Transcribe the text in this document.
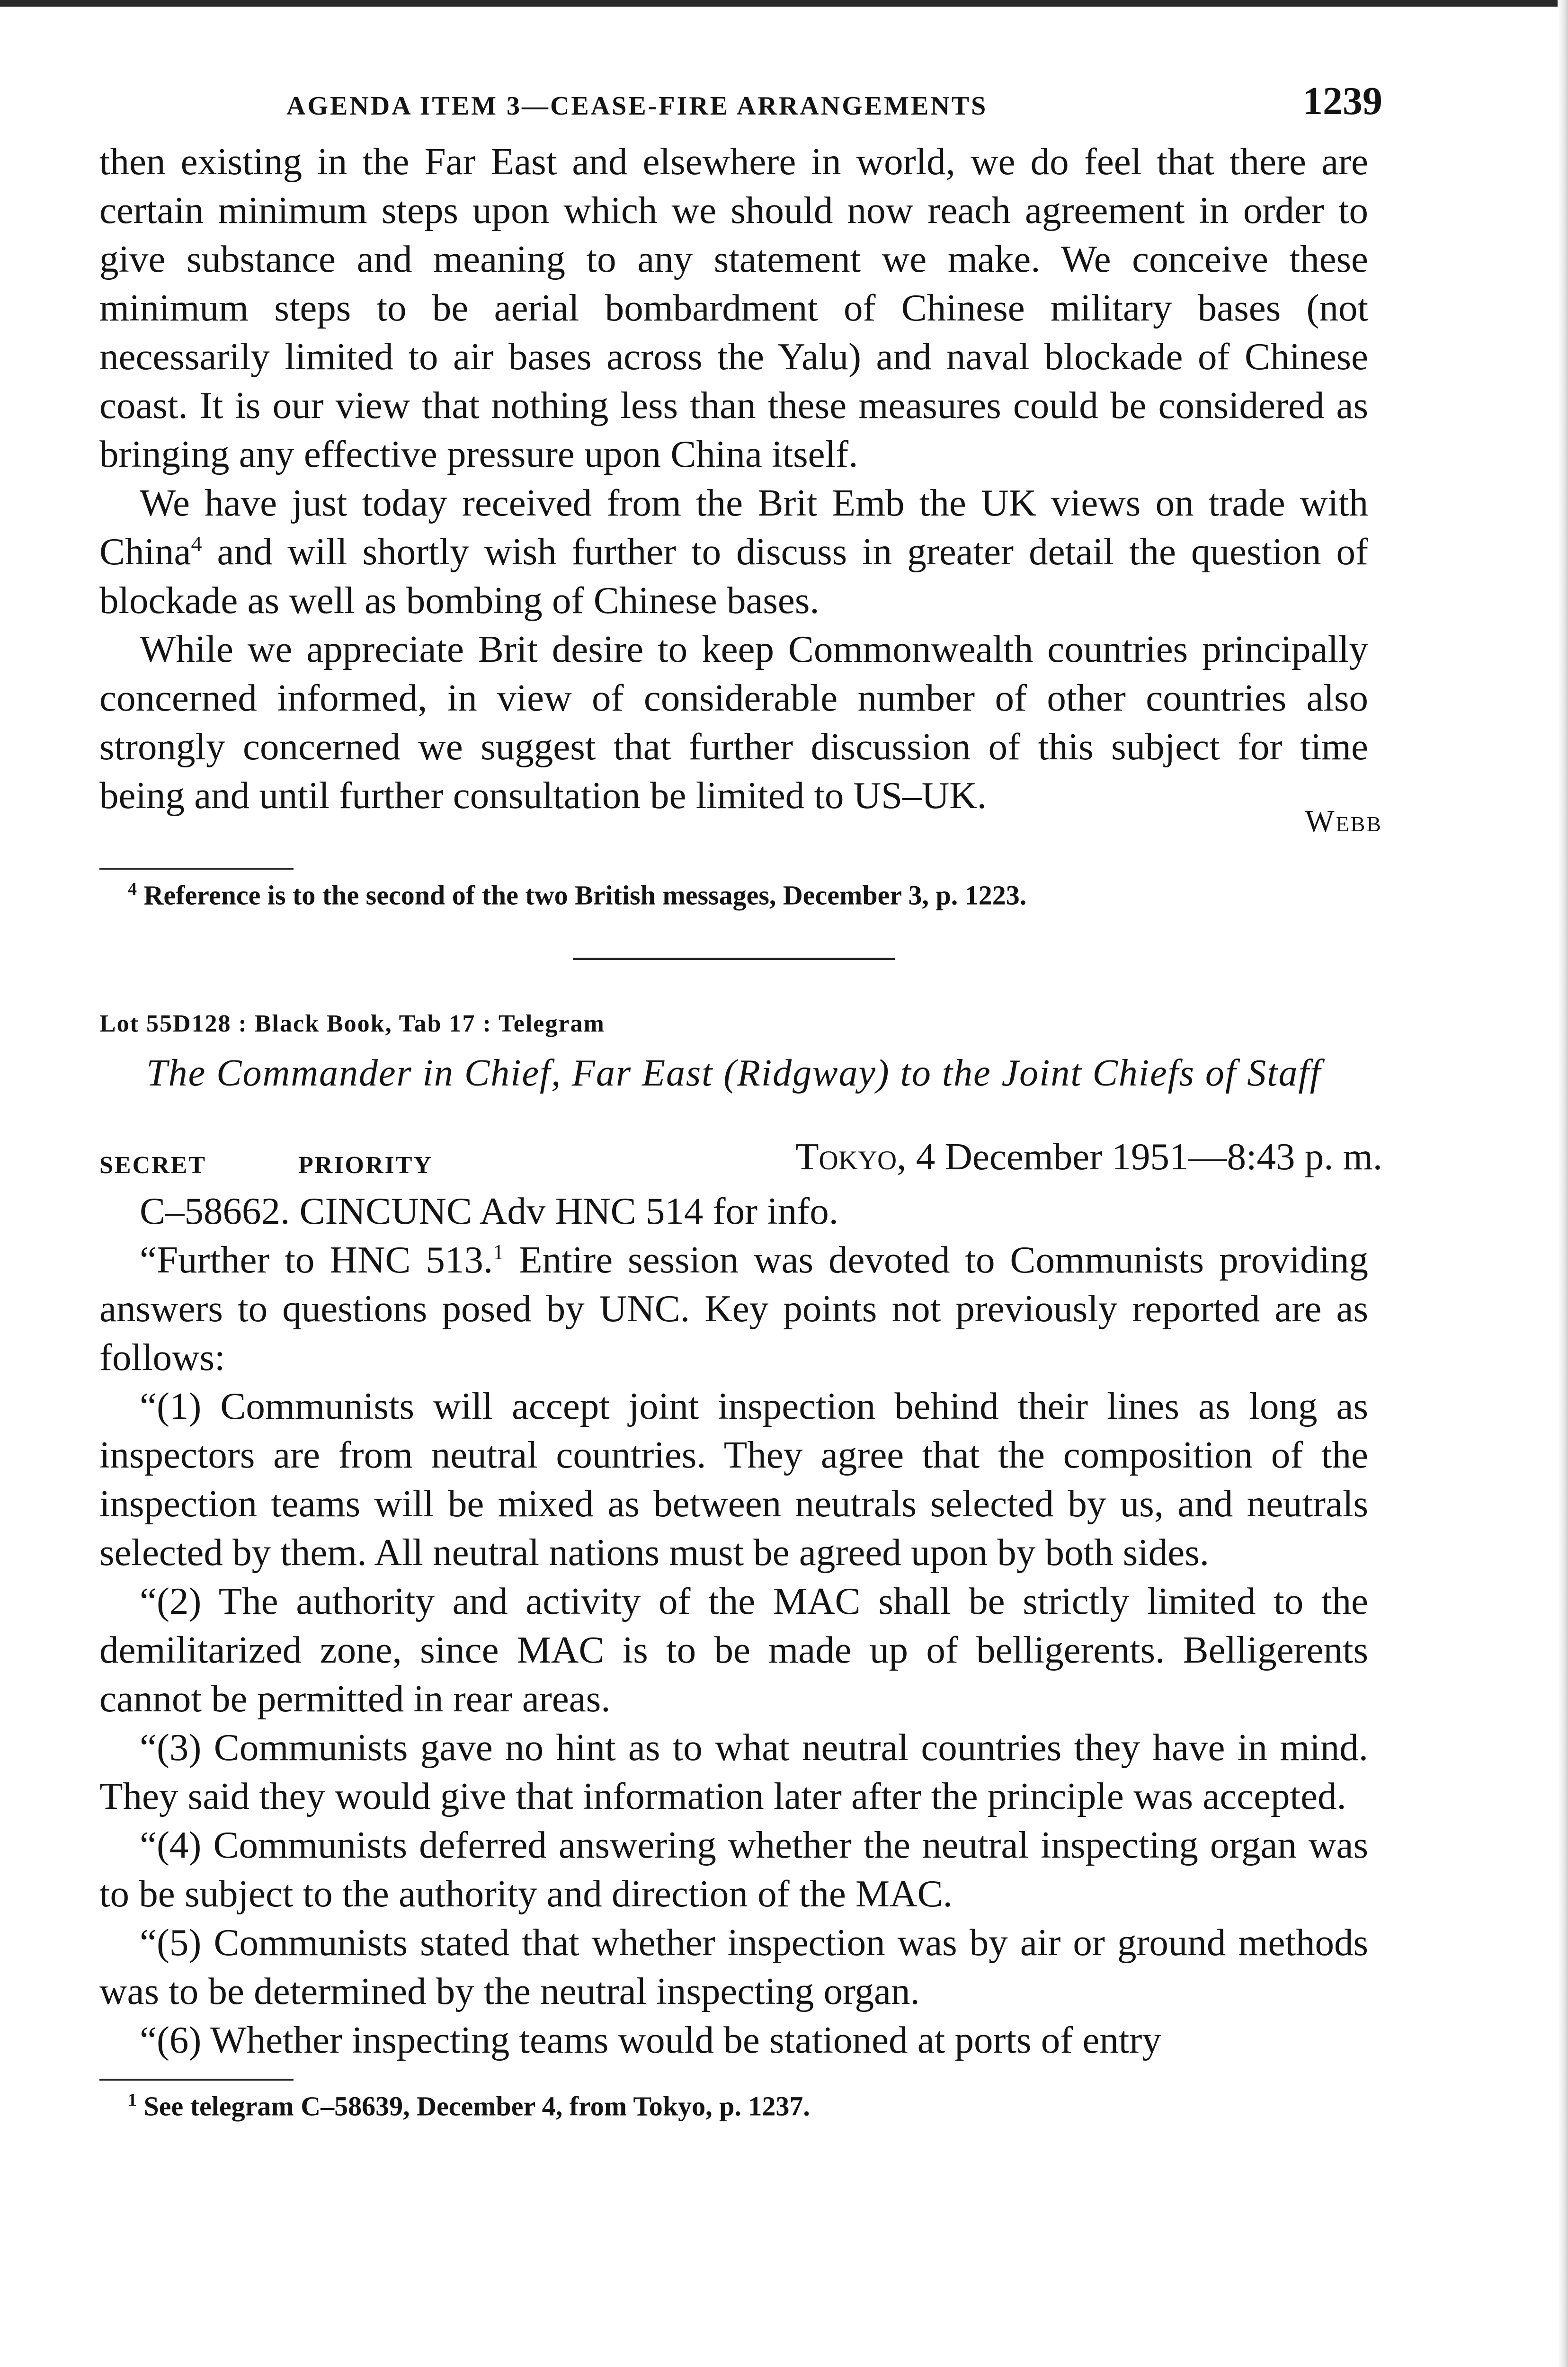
AGENDA ITEM 3—CEASE-FIRE ARRANGEMENTS	1239

then existing in the Far East and elsewhere in world, we do feel that there are certain minimum steps upon which we should now reach agreement in order to give substance and meaning to any statement we make. We conceive these minimum steps to be aerial bombardment of Chinese military bases (not necessarily limited to air bases across the Yalu) and naval blockade of Chinese coast. It is our view that nothing less than these measures could be considered as bringing any effective pressure upon China itself.

We have just today received from the Brit Emb the UK views on trade with China$^4$ and will shortly wish further to discuss in greater detail the question of blockade as well as bombing of Chinese bases.

While we appreciate Brit desire to keep Commonwealth countries principally concerned informed, in view of considerable number of other countries also strongly concerned we suggest that further discussion of this subject for time being and until further consultation be limited to US–UK.

Webb
$^4$ Reference is to the second of the two British messages, December 3, p. 1223.
Lot 55D128 : Black Book, Tab 17 : Telegram
The Commander in Chief, Far East (Ridgway) to the Joint Chiefs of Staff
SECRET	PRIORITY	Tokyo, 4 December 1951—8:43 p. m.

C–58662. CINCUNC Adv HNC 514 for info.

“Further to HNC 513.$^1$ Entire session was devoted to Communists providing answers to questions posed by UNC. Key points not previously reported are as follows:

“(1) Communists will accept joint inspection behind their lines as long as inspectors are from neutral countries. They agree that the composition of the inspection teams will be mixed as between neutrals selected by us, and neutrals selected by them. All neutral nations must be agreed upon by both sides.

“(2) The authority and activity of the MAC shall be strictly limited to the demilitarized zone, since MAC is to be made up of belligerents. Belligerents cannot be permitted in rear areas.

“(3) Communists gave no hint as to what neutral countries they have in mind. They said they would give that information later after the principle was accepted.

“(4) Communists deferred answering whether the neutral inspecting organ was to be subject to the authority and direction of the MAC.

“(5) Communists stated that whether inspection was by air or ground methods was to be determined by the neutral inspecting organ.

“(6) Whether inspecting teams would be stationed at ports of entry

$^1$ See telegram C–58639, December 4, from Tokyo, p. 1237.
